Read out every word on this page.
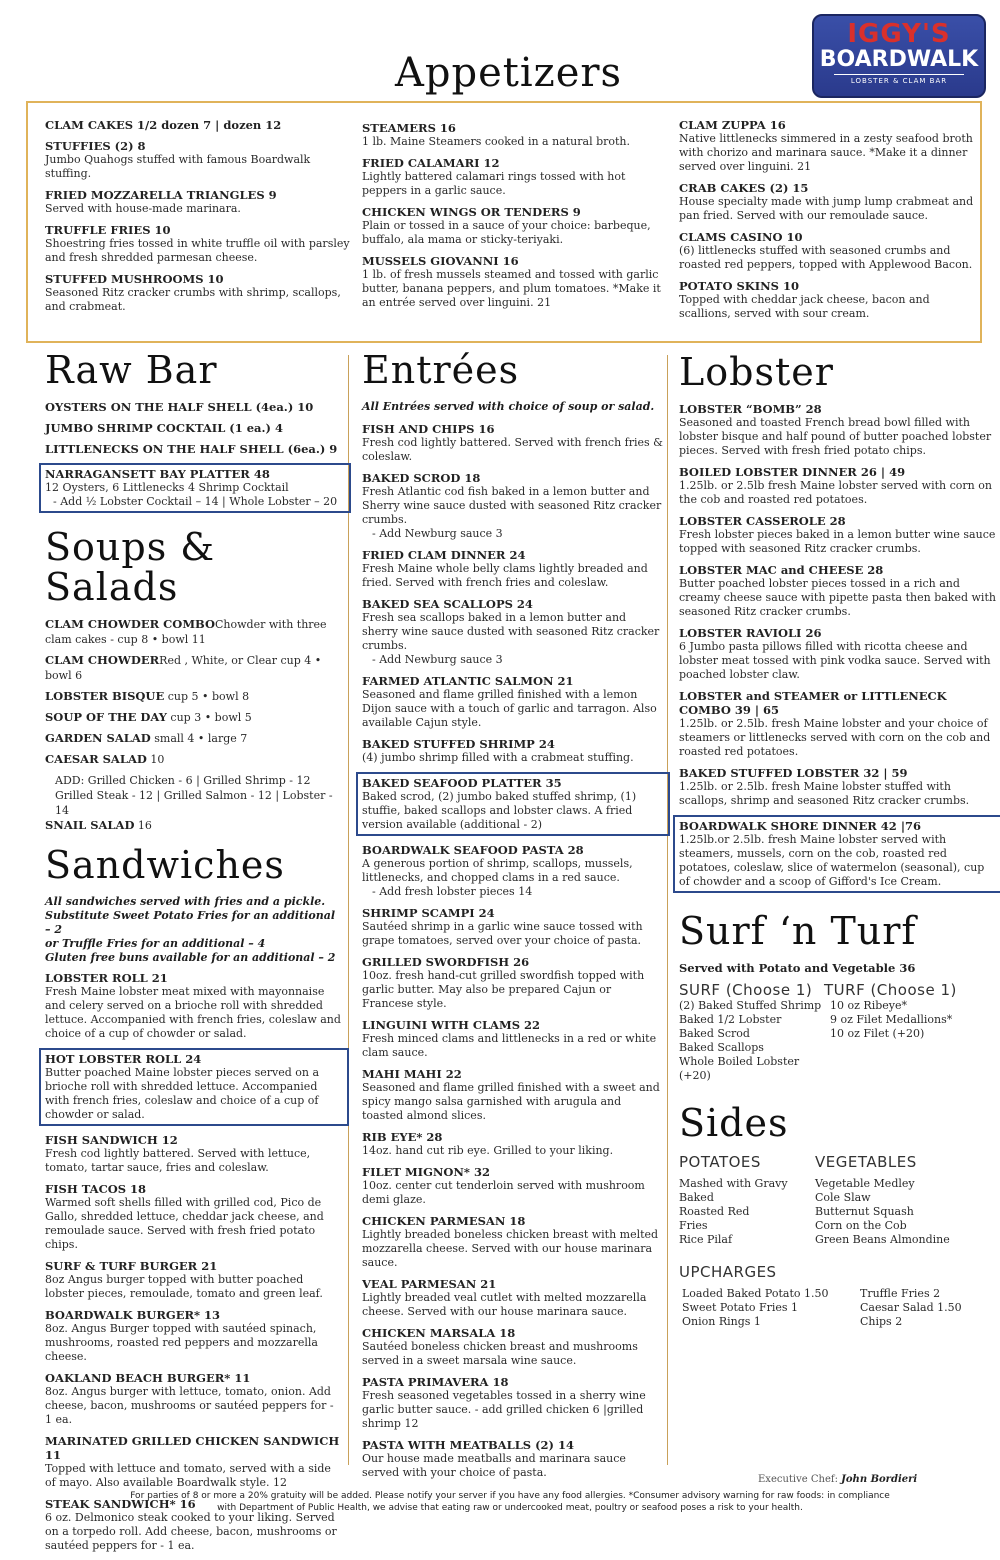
IGGY'S
BOARDWALK
LOBSTER & CLAM BAR
Appetizers
CLAM CAKES 1/2 dozen 7 | dozen 12
STUFFIES (2) 8
Jumbo Quahogs stuffed with famous Boardwalk stuffing.
FRIED MOZZARELLA TRIANGLES 9
Served with house-made marinara.
TRUFFLE FRIES 10
Shoestring fries tossed in white truffle oil with parsley and fresh shredded parmesan cheese.
STUFFED MUSHROOMS 10
Seasoned Ritz cracker crumbs with shrimp, scallops, and crabmeat.
STEAMERS 16
1 lb. Maine Steamers cooked in a natural broth.
FRIED CALAMARI 12
Lightly battered calamari rings tossed with hot peppers in a garlic sauce.
CHICKEN WINGS OR TENDERS 9
Plain or tossed in a sauce of your choice: barbeque, buffalo, ala mama or sticky-teriyaki.
MUSSELS GIOVANNI 16
1 lb. of fresh mussels steamed and tossed with garlic butter, banana peppers, and plum tomatoes. *Make it an entrée served over linguini. 21
CLAM ZUPPA 16
Native littlenecks simmered in a zesty seafood broth with chorizo and marinara sauce. *Make it a dinner served over linguini. 21
CRAB CAKES (2) 15
House specialty made with jump lump crabmeat and pan fried. Served with our remoulade sauce.
CLAMS CASINO 10
(6) littlenecks stuffed with seasoned crumbs and roasted red peppers, topped with Applewood Bacon.
POTATO SKINS 10
Topped with cheddar jack cheese, bacon and scallions, served with sour cream.
Raw Bar
OYSTERS ON THE HALF SHELL (4ea.) 10
JUMBO SHRIMP COCKTAIL (1 ea.) 4
LITTLENECKS ON THE HALF SHELL (6ea.) 9
NARRAGANSETT BAY PLATTER 48
12 Oysters, 6 Littlenecks 4 Shrimp Cocktail
- Add ½ Lobster Cocktail – 14 | Whole Lobster – 20
Soups & Salads
CLAM CHOWDER COMBOChowder with three clam cakes - cup 8 • bowl 11
CLAM CHOWDERRed , White, or Clear cup 4 • bowl 6
LOBSTER BISQUE cup 5 • bowl 8
SOUP OF THE DAY cup 3 • bowl 5
GARDEN SALAD small 4 • large 7
CAESAR SALAD 10
ADD: Grilled Chicken - 6 | Grilled Shrimp - 12
Grilled Steak - 12 | Grilled Salmon - 12 | Lobster - 14
SNAIL SALAD 16
Sandwiches
All sandwiches served with fries and a pickle.
Substitute Sweet Potato Fries for an additional – 2
or Truffle Fries for an additional – 4
Gluten free buns available for an additional – 2
LOBSTER ROLL 21
Fresh Maine lobster meat mixed with mayonnaise and celery served on a brioche roll with shredded lettuce. Accompanied with french fries, coleslaw and choice of a cup of chowder or salad.
HOT LOBSTER ROLL 24
Butter poached Maine lobster pieces served on a brioche roll with shredded lettuce. Accompanied with french fries, coleslaw and choice of a cup of chowder or salad.
FISH SANDWICH 12
Fresh cod lightly battered. Served with lettuce, tomato, tartar sauce, fries and coleslaw.
FISH TACOS 18
Warmed soft shells filled with grilled cod, Pico de Gallo, shredded lettuce, cheddar jack cheese, and remoulade sauce. Served with fresh fried potato chips.
SURF & TURF BURGER 21
8oz Angus burger topped with butter poached lobster pieces, remoulade, tomato and green leaf.
BOARDWALK BURGER* 13
8oz. Angus Burger topped with sautéed spinach, mushrooms, roasted red peppers and mozzarella cheese.
OAKLAND BEACH BURGER* 11
8oz. Angus burger with lettuce, tomato, onion. Add cheese, bacon, mushrooms or sautéed peppers for - 1 ea.
MARINATED GRILLED CHICKEN SANDWICH 11
Topped with lettuce and tomato, served with a side of mayo. Also available Boardwalk style. 12
STEAK SANDWICH* 16
6 oz. Delmonico steak cooked to your liking. Served on a torpedo roll. Add cheese, bacon, mushrooms or sautéed peppers for - 1 ea.
Entrées
All Entrées served with choice of soup or salad.
FISH AND CHIPS 16
Fresh cod lightly battered. Served with french fries & coleslaw.
BAKED SCROD 18
Fresh Atlantic cod fish baked in a lemon butter and Sherry wine sauce dusted with seasoned Ritz cracker crumbs.
- Add Newburg sauce 3
FRIED CLAM DINNER 24
Fresh Maine whole belly clams lightly breaded and fried. Served with french fries and coleslaw.
BAKED SEA SCALLOPS 24
Fresh sea scallops baked in a lemon butter and sherry wine sauce dusted with seasoned Ritz cracker crumbs.
- Add Newburg sauce 3
FARMED ATLANTIC SALMON 21
Seasoned and flame grilled finished with a lemon Dijon sauce with a touch of garlic and tarragon. Also available Cajun style.
BAKED STUFFED SHRIMP 24
(4) jumbo shrimp filled with a crabmeat stuffing.
BAKED SEAFOOD PLATTER 35
Baked scrod, (2) jumbo baked stuffed shrimp, (1) stuffie, baked scallops and lobster claws. A fried version available (additional - 2)
BOARDWALK SEAFOOD PASTA 28
A generous portion of shrimp, scallops, mussels, littlenecks, and chopped clams in a red sauce.
- Add fresh lobster pieces 14
SHRIMP SCAMPI 24
Sautéed shrimp in a garlic wine sauce tossed with grape tomatoes, served over your choice of pasta.
GRILLED SWORDFISH 26
10oz. fresh hand-cut grilled swordfish topped with garlic butter. May also be prepared Cajun or Francese style.
LINGUINI WITH CLAMS 22
Fresh minced clams and littlenecks in a red or white clam sauce.
MAHI MAHI 22
Seasoned and flame grilled finished with a sweet and spicy mango salsa garnished with arugula and toasted almond slices.
RIB EYE* 28
14oz. hand cut rib eye. Grilled to your liking.
FILET MIGNON* 32
10oz. center cut tenderloin served with mushroom demi glaze.
CHICKEN PARMESAN 18
Lightly breaded boneless chicken breast with melted mozzarella cheese. Served with our house marinara sauce.
VEAL PARMESAN 21
Lightly breaded veal cutlet with melted mozzarella cheese. Served with our house marinara sauce.
CHICKEN MARSALA 18
Sautéed boneless chicken breast and mushrooms served in a sweet marsala wine sauce.
PASTA PRIMAVERA 18
Fresh seasoned vegetables tossed in a sherry wine garlic butter sauce. - add grilled chicken 6 |grilled shrimp 12
PASTA WITH MEATBALLS (2) 14
Our house made meatballs and marinara sauce served with your choice of pasta.
Lobster
LOBSTER “BOMB” 28
Seasoned and toasted French bread bowl filled with lobster bisque and half pound of butter poached lobster pieces. Served with fresh fried potato chips.
BOILED LOBSTER DINNER 26 | 49
1.25lb. or 2.5lb fresh Maine lobster served with corn on the cob and roasted red potatoes.
LOBSTER CASSEROLE 28
Fresh lobster pieces baked in a lemon butter wine sauce topped with seasoned Ritz cracker crumbs.
LOBSTER MAC and CHEESE 28
Butter poached lobster pieces tossed in a rich and creamy cheese sauce with pipette pasta then baked with seasoned Ritz cracker crumbs.
LOBSTER RAVIOLI 26
6 Jumbo pasta pillows filled with ricotta cheese and lobster meat tossed with pink vodka sauce. Served with poached lobster claw.
LOBSTER and STEAMER or LITTLENECK COMBO 39 | 65
1.25lb. or 2.5lb. fresh Maine lobster and your choice of steamers or littlenecks served with corn on the cob and roasted red potatoes.
BAKED STUFFED LOBSTER 32 | 59
1.25lb. or 2.5lb. fresh Maine lobster stuffed with scallops, shrimp and seasoned Ritz cracker crumbs.
BOARDWALK SHORE DINNER 42 |76
1.25lb.or 2.5lb. fresh Maine lobster served with steamers, mussels, corn on the cob, roasted red potatoes, coleslaw, slice of watermelon (seasonal), cup of chowder and a scoop of Gifford's Ice Cream.
Surf ‘n Turf
Served with Potato and Vegetable 36
SURF (Choose 1)
(2) Baked Stuffed Shrimp
Baked 1/2 Lobster
Baked Scrod
Baked Scallops
Whole Boiled Lobster (+20)
TURF (Choose 1)
10 oz Ribeye*
9 oz Filet Medallions*
10 oz Filet (+20)
Sides
POTATOES
Mashed with Gravy
Baked
Roasted Red
Fries
Rice Pilaf
VEGETABLES
Vegetable Medley
Cole Slaw
Butternut Squash
Corn on the Cob
Green Beans Almondine
UPCHARGES
Loaded Baked Potato 1.50
Sweet Potato Fries 1
Onion Rings 1
Truffle Fries 2
Caesar Salad 1.50
Chips 2
Executive Chef: John Bordieri
For parties of 8 or more a 20% gratuity will be added. Please notify your server if you have any food allergies. *Consumer advisory warning for raw foods: in compliance with Department of Public Health, we advise that eating raw or undercooked meat, poultry or seafood poses a risk to your health.
